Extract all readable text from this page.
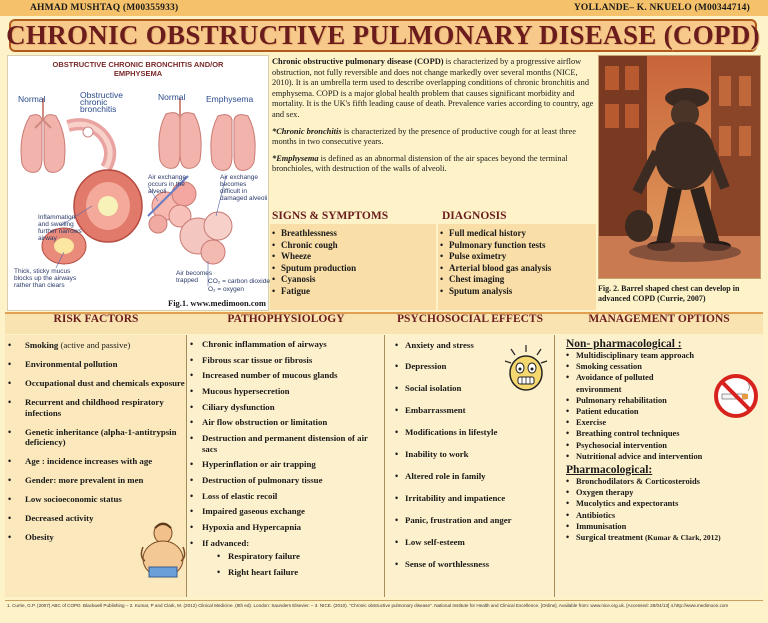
AHMAD MUSHTAQ (M00355933)	YOLLANDE– K. NKUELO (M00344714)
CHRONIC OBSTRUCTIVE PULMONARY DISEASE (COPD)
OBSTRUCTIVE CHRONIC BRONCHITIS AND/OR EMPHYSEMA
Normal	Obstructive chronic bronchitis
Normal Emphysema
Air exchange occurs in the alveoli
Air exchange becomes difficult in damaged alveoli
Inflammation and swelling further narrows airway
Thick, sticky mucus blocks up the airways rather than clears
Air becomes trapped	CO₂ = carbon dioxide
O₂ = oxygen
Fig.1. www.medimoon.com

Chronic obstructive pulmonary disease (COPD) is characterized by a progressive airflow obstruction, not fully reversible and does not change markedly over several months (NICE, 2010). It is an umbrella term used to describe overlapping conditions of chronic bronchitis and emphysema. COPD is a major global health problem that causes significant morbidity and mortality. It is the UK's fifth leading cause of death. Prevalence varies according to country, age and sex.

*Chronic bronchitis is characterized by the presence of productive cough for at least three months in two consecutive years.

*Emphysema is defined as an abnormal distension of the air spaces beyond the terminal bronchioles, with destruction of the walls of alveoli.

Fig. 2. Barrel shaped chest can develop in advanced COPD (Currie, 2007)
SIGNS & SYMPTOMS
• Breathlessness
• Chronic cough
• Wheeze
• Sputum production
• Cyanosis
• Fatigue
DIAGNOSIS
• Full medical history
• Pulmonary function tests
• Pulse oximetry
• Arterial blood gas analysis
• Chest imaging
• Sputum analysis
RISK FACTORS	PATHOPHYSIOLOGY	PSYCHOSOCIAL EFFECTS	MANAGEMENT OPTIONS
• Smoking (active and passive)
• Environmental pollution
• Occupational dust and chemicals exposure
• Recurrent and childhood respiratory infections
• Genetic inheritance (alpha-1-antitrypsin deficiency)
• Age : incidence increases with age
• Gender: more prevalent in men
• Low socioeconomic status
• Decreased activity
• Obesity
• Chronic inflammation of airways
• Fibrous scar tissue or fibrosis
• Increased number of mucous glands
• Mucous hypersecretion
• Ciliary dysfunction
• Air flow obstruction or limitation
• Destruction and permanent distension of air sacs
• Hyperinflation or air trapping
• Destruction of pulmonary tissue
• Loss of elastic recoil
• Impaired gaseous exchange
• Hypoxia and Hypercapnia
• If advanced:
• Respiratory failure
• Right heart failure
• Anxiety and stress
• Depression
• Social isolation
• Embarrassment
• Modifications in lifestyle
• Inability to work
• Altered role in family
• Irritability and impatience
• Panic, frustration and anger
• Low self-esteem
• Sense of worthlessness
Non- pharmacological :
• Multidisciplinary team approach
• Smoking cessation
• Avoidance of polluted
environment
• Pulmonary rehabilitation
• Patient education
• Exercise
• Breathing control techniques
• Psychosocial intervention
• Nutritional advice and intervention
Pharmacological:
• Bronchodilators & Corticosteroids
• Oxygen therapy
• Mucolytics and expectorants
• Antibiotics
• Immunisation
• Surgical treatment (Kumar & Clark, 2012)
1. Currie, G.P. (2007) ABC of COPD. Blackwell Publishing – 2. Kumar, P and Clark, M. (2012) Clinical Medicine. (8th ed). London: Saunders Elsevier. – 3. NICE. (2010). "Chronic obstructive pulmonary disease". National Institute for Health and Clinical Excellence. [Online]. Available from: www.nice.org.uk. [Accessed: 28/04/13] 4.http://www.medimoon.com
